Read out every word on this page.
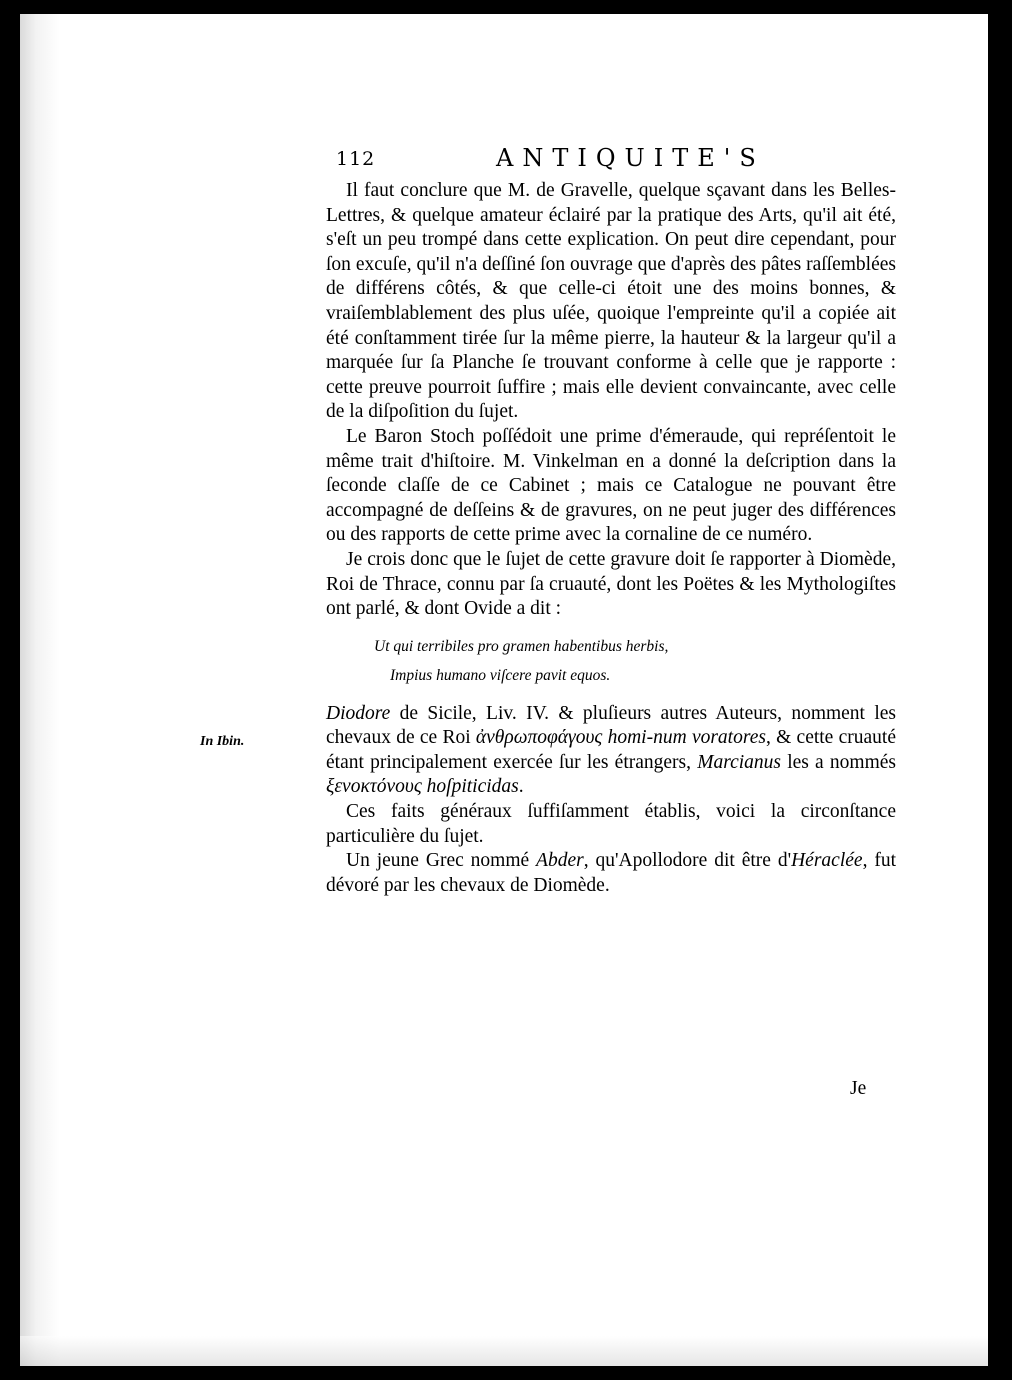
112	ANTIQUITE'S
In Ibin.

Il faut conclure que M. de Gravelle, quelque sçavant dans les Belles-Lettres, & quelque amateur éclairé par la pratique des Arts, qu'il ait été, s'eſt un peu trompé dans cette explication. On peut dire cependant, pour ſon excuſe, qu'il n'a deſſiné ſon ouvrage que d'après des pâtes raſſemblées de différens côtés, & que celle-ci étoit une des moins bonnes, & vraiſemblablement des plus uſée, quoique l'empreinte qu'il a copiée ait été conſtamment tirée ſur la même pierre, la hauteur & la largeur qu'il a marquée ſur ſa Planche ſe trouvant conforme à celle que je rapporte : cette preuve pourroit ſuffire ; mais elle devient convaincante, avec celle de la diſpoſition du ſujet.

Le Baron Stoch poſſédoit une prime d'émeraude, qui repréſentoit le même trait d'hiſtoire. M. Vinkelman en a donné la deſcription dans la ſeconde claſſe de ce Cabinet ; mais ce Catalogue ne pouvant être accompagné de deſſeins & de gravures, on ne peut juger des différences ou des rapports de cette prime avec la cornaline de ce numéro.

Je crois donc que le ſujet de cette gravure doit ſe rapporter à Diomède, Roi de Thrace, connu par ſa cruauté, dont les Poëtes & les Mythologiſtes ont parlé, & dont Ovide a dit :

Ut qui terribiles pro gramen habentibus herbis,
Impius humano viſcere pavit equos.

Diodore de Sicile, Liv. IV. & pluſieurs autres Auteurs, nomment les chevaux de ce Roi ἀνθρωποφάγους homi-num voratores, & cette cruauté étant principalement exercée ſur les étrangers, Marcianus les a nommés ξενοκτόνους hoſpiticidas.

Ces faits généraux ſuffiſamment établis, voici la circonſtance particulière du ſujet.

Un jeune Grec nommé Abder, qu'Apollodore dit être d'Héraclée, fut dévoré par les chevaux de Diomède.

Je
